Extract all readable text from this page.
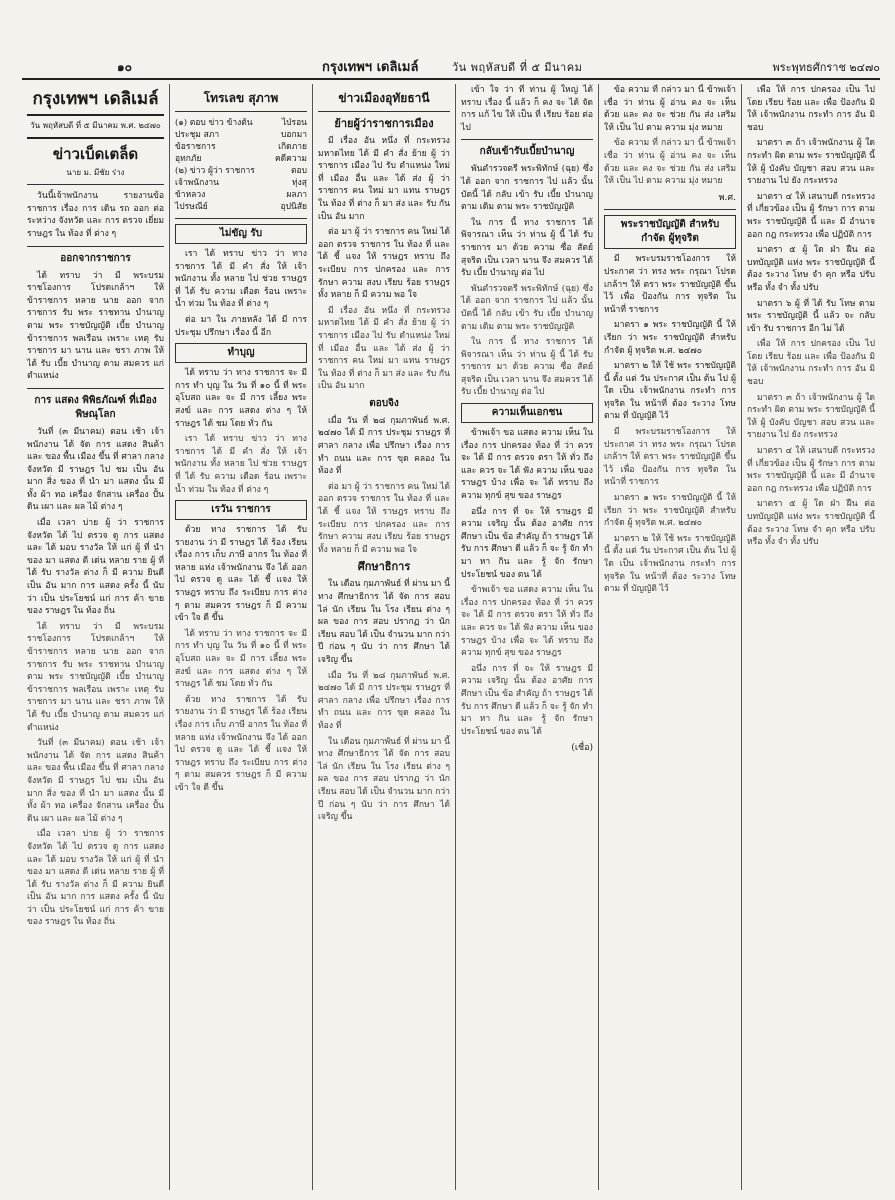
๑๐	กรุงเทพฯ เดลิเมล์	วัน พฤหัสบดี ที่ ๕ มีนาคม	พระพุทธศักราช ๒๔๗๐
กรุงเทพฯ เดลิเมล์
วัน พฤหัสบดี ที่ ๕ มีนาคม พ.ศ. ๒๔๗๐
ข่าวเบ็ดเตล็ด
นาย ม. มีชัย ร่าง

วันนี้เจ้าพนักงาน รายงานข้อราชการ เรื่อง การ เดิน รถ ออก ต่อ ระหว่าง จังหวัด และ การ ตรวจ เยี่ยม ราษฎร ใน ท้อง ที่ ต่าง ๆ

ออกจากราชการ

ได้ ทราบ ว่า มี พระบรมราชโองการ โปรดเกล้าฯ ให้ข้าราชการ หลาย นาย ออก จาก ราชการ รับ พระ ราชทาน บำนาญ ตาม พระ ราชบัญญัติ เบี้ย บำนาญ ข้าราชการ พลเรือน เพราะ เหตุ รับ ราชการ มา นาน และ ชรา ภาพ ให้ ได้ รับ เบี้ย บำนาญ ตาม สมควร แก่ ตำแหน่ง

การ แสดง พิพิธภัณฑ์ ที่เมืองพิษณุโลก

วันที่ (๓ มีนาคม) ตอน เช้า เจ้าพนักงาน ได้ จัด การ แสดง สินค้า และ ของ พื้น เมือง ขึ้น ที่ ศาลา กลาง จังหวัด มี ราษฎร ไป ชม เป็น อัน มาก สิ่ง ของ ที่ นำ มา แสดง นั้น มี ทั้ง ผ้า ทอ เครื่อง จักสาน เครื่อง ปั้น ดิน เผา และ ผล ไม้ ต่าง ๆ

เมื่อ เวลา บ่าย ผู้ ว่า ราชการ จังหวัด ได้ ไป ตรวจ ดู การ แสดง และ ได้ มอบ รางวัล ให้ แก่ ผู้ ที่ นำ ของ มา แสดง ดี เด่น หลาย ราย ผู้ ที่ ได้ รับ รางวัล ต่าง ก็ มี ความ ยินดี เป็น อัน มาก การ แสดง ครั้ง นี้ นับ ว่า เป็น ประโยชน์ แก่ การ ค้า ขาย ของ ราษฎร ใน ท้อง ถิ่น

ได้ ทราบ ว่า มี พระบรมราชโองการ โปรดเกล้าฯ ให้ข้าราชการ หลาย นาย ออก จาก ราชการ รับ พระ ราชทาน บำนาญ ตาม พระ ราชบัญญัติ เบี้ย บำนาญ ข้าราชการ พลเรือน เพราะ เหตุ รับ ราชการ มา นาน และ ชรา ภาพ ให้ ได้ รับ เบี้ย บำนาญ ตาม สมควร แก่ ตำแหน่ง

วันที่ (๓ มีนาคม) ตอน เช้า เจ้าพนักงาน ได้ จัด การ แสดง สินค้า และ ของ พื้น เมือง ขึ้น ที่ ศาลา กลาง จังหวัด มี ราษฎร ไป ชม เป็น อัน มาก สิ่ง ของ ที่ นำ มา แสดง นั้น มี ทั้ง ผ้า ทอ เครื่อง จักสาน เครื่อง ปั้น ดิน เผา และ ผล ไม้ ต่าง ๆ

เมื่อ เวลา บ่าย ผู้ ว่า ราชการ จังหวัด ได้ ไป ตรวจ ดู การ แสดง และ ได้ มอบ รางวัล ให้ แก่ ผู้ ที่ นำ ของ มา แสดง ดี เด่น หลาย ราย ผู้ ที่ ได้ รับ รางวัล ต่าง ก็ มี ความ ยินดี เป็น อัน มาก การ แสดง ครั้ง นี้ นับ ว่า เป็น ประโยชน์ แก่ การ ค้า ขาย ของ ราษฎร ใน ท้อง ถิ่น

โทรเลข สุภาพ
(๑) ตอบ ข่าว ข้างต้น	ไป่รอน
ประชุม สภา	บอกมา
ข้อราชการ	เกิดภาย
อุทกภัย	คดีความ
(๒) ข่าว ผู้ว่า ราชการ	ตอบ
เจ้าพนักงาน	ทุ่งสุ
ข้าหลวง	ผลภา
ไปรษณีย์	อุปนิสัย
ไม่ขัญ รับ

เรา ได้ ทราบ ข่าว ว่า ทาง ราชการ ได้ มี คำ สั่ง ให้ เจ้าพนักงาน ทั้ง หลาย ไป ช่วย ราษฎร ที่ ได้ รับ ความ เดือด ร้อน เพราะ น้ำ ท่วม ใน ท้อง ที่ ต่าง ๆ

ต่อ มา ใน ภายหลัง ได้ มี การ ประชุม ปรึกษา เรื่อง นี้ อีก

ทำบุญ

ได้ ทราบ ว่า ทาง ราชการ จะ มี การ ทำ บุญ ใน วัน ที่ ๑๐ นี้ ที่ พระ อุโบสถ และ จะ มี การ เลี้ยง พระ สงฆ์ และ การ แสดง ต่าง ๆ ให้ ราษฎร ได้ ชม โดย ทั่ว กัน

เรา ได้ ทราบ ข่าว ว่า ทาง ราชการ ได้ มี คำ สั่ง ให้ เจ้าพนักงาน ทั้ง หลาย ไป ช่วย ราษฎร ที่ ได้ รับ ความ เดือด ร้อน เพราะ น้ำ ท่วม ใน ท้อง ที่ ต่าง ๆ

เรวัน ราชการ

ด้วย ทาง ราชการ ได้ รับ รายงาน ว่า มี ราษฎร ได้ ร้อง เรียน เรื่อง การ เก็บ ภาษี อากร ใน ท้อง ที่ หลาย แห่ง เจ้าพนักงาน จึง ได้ ออก ไป ตรวจ ดู และ ได้ ชี้ แจง ให้ ราษฎร ทราบ ถึง ระเบียบ การ ต่าง ๆ ตาม สมควร ราษฎร ก็ มี ความ เข้า ใจ ดี ขึ้น

ได้ ทราบ ว่า ทาง ราชการ จะ มี การ ทำ บุญ ใน วัน ที่ ๑๐ นี้ ที่ พระ อุโบสถ และ จะ มี การ เลี้ยง พระ สงฆ์ และ การ แสดง ต่าง ๆ ให้ ราษฎร ได้ ชม โดย ทั่ว กัน

ด้วย ทาง ราชการ ได้ รับ รายงาน ว่า มี ราษฎร ได้ ร้อง เรียน เรื่อง การ เก็บ ภาษี อากร ใน ท้อง ที่ หลาย แห่ง เจ้าพนักงาน จึง ได้ ออก ไป ตรวจ ดู และ ได้ ชี้ แจง ให้ ราษฎร ทราบ ถึง ระเบียบ การ ต่าง ๆ ตาม สมควร ราษฎร ก็ มี ความ เข้า ใจ ดี ขึ้น

ข่าวเมืองอุทัยธานี
ย้ายผู้ว่าราชการเมือง

มี เรื่อง อัน หนึ่ง ที่ กระทรวง มหาดไทย ได้ มี คำ สั่ง ย้าย ผู้ ว่า ราชการ เมือง ไป รับ ตำแหน่ง ใหม่ ที่ เมือง อื่น และ ได้ ส่ง ผู้ ว่า ราชการ คน ใหม่ มา แทน ราษฎร ใน ท้อง ที่ ต่าง ก็ มา ส่ง และ รับ กัน เป็น อัน มาก

ต่อ มา ผู้ ว่า ราชการ คน ใหม่ ได้ ออก ตรวจ ราชการ ใน ท้อง ที่ และ ได้ ชี้ แจง ให้ ราษฎร ทราบ ถึง ระเบียบ การ ปกครอง และ การ รักษา ความ สงบ เรียบ ร้อย ราษฎร ทั้ง หลาย ก็ มี ความ พอ ใจ

มี เรื่อง อัน หนึ่ง ที่ กระทรวง มหาดไทย ได้ มี คำ สั่ง ย้าย ผู้ ว่า ราชการ เมือง ไป รับ ตำแหน่ง ใหม่ ที่ เมือง อื่น และ ได้ ส่ง ผู้ ว่า ราชการ คน ใหม่ มา แทน ราษฎร ใน ท้อง ที่ ต่าง ก็ มา ส่ง และ รับ กัน เป็น อัน มาก

ตอบจิง

เมื่อ วัน ที่ ๒๘ กุมภาพันธ์ พ.ศ. ๒๔๗๐ ได้ มี การ ประชุม ราษฎร ที่ ศาลา กลาง เพื่อ ปรึกษา เรื่อง การ ทำ ถนน และ การ ขุด คลอง ใน ท้อง ที่

ต่อ มา ผู้ ว่า ราชการ คน ใหม่ ได้ ออก ตรวจ ราชการ ใน ท้อง ที่ และ ได้ ชี้ แจง ให้ ราษฎร ทราบ ถึง ระเบียบ การ ปกครอง และ การ รักษา ความ สงบ เรียบ ร้อย ราษฎร ทั้ง หลาย ก็ มี ความ พอ ใจ

ศึกษาธิการ

ใน เดือน กุมภาพันธ์ ที่ ผ่าน มา นี้ ทาง ศึกษาธิการ ได้ จัด การ สอบ ไล่ นัก เรียน ใน โรง เรียน ต่าง ๆ ผล ของ การ สอบ ปรากฏ ว่า นัก เรียน สอบ ได้ เป็น จำนวน มาก กว่า ปี ก่อน ๆ นับ ว่า การ ศึกษา ได้ เจริญ ขึ้น

เมื่อ วัน ที่ ๒๘ กุมภาพันธ์ พ.ศ. ๒๔๗๐ ได้ มี การ ประชุม ราษฎร ที่ ศาลา กลาง เพื่อ ปรึกษา เรื่อง การ ทำ ถนน และ การ ขุด คลอง ใน ท้อง ที่

ใน เดือน กุมภาพันธ์ ที่ ผ่าน มา นี้ ทาง ศึกษาธิการ ได้ จัด การ สอบ ไล่ นัก เรียน ใน โรง เรียน ต่าง ๆ ผล ของ การ สอบ ปรากฏ ว่า นัก เรียน สอบ ได้ เป็น จำนวน มาก กว่า ปี ก่อน ๆ นับ ว่า การ ศึกษา ได้ เจริญ ขึ้น

เข้า ใจ ว่า ที่ ท่าน ผู้ ใหญ่ ได้ ทราบ เรื่อง นี้ แล้ว ก็ คง จะ ได้ จัด การ แก้ ไข ให้ เป็น ที่ เรียบ ร้อย ต่อ ไป

กลับเข้ารับเบี้ยบำนาญ

พันตำรวจตรี พระพิทักษ์ (ฉุย) ซึ่ง ได้ ออก จาก ราชการ ไป แล้ว นั้น บัดนี้ ได้ กลับ เข้า รับ เบี้ย บำนาญ ตาม เดิม ตาม พระ ราชบัญญัติ

ใน การ นี้ ทาง ราชการ ได้ พิจารณา เห็น ว่า ท่าน ผู้ นี้ ได้ รับ ราชการ มา ด้วย ความ ซื่อ สัตย์ สุจริต เป็น เวลา นาน จึง สมควร ได้ รับ เบี้ย บำนาญ ต่อ ไป

พันตำรวจตรี พระพิทักษ์ (ฉุย) ซึ่ง ได้ ออก จาก ราชการ ไป แล้ว นั้น บัดนี้ ได้ กลับ เข้า รับ เบี้ย บำนาญ ตาม เดิม ตาม พระ ราชบัญญัติ

ใน การ นี้ ทาง ราชการ ได้ พิจารณา เห็น ว่า ท่าน ผู้ นี้ ได้ รับ ราชการ มา ด้วย ความ ซื่อ สัตย์ สุจริต เป็น เวลา นาน จึง สมควร ได้ รับ เบี้ย บำนาญ ต่อ ไป

ความเห็นเอกชน

ข้าพเจ้า ขอ แสดง ความ เห็น ใน เรื่อง การ ปกครอง ท้อง ที่ ว่า ควร จะ ได้ มี การ ตรวจ ตรา ให้ ทั่ว ถึง และ ควร จะ ได้ ฟัง ความ เห็น ของ ราษฎร บ้าง เพื่อ จะ ได้ ทราบ ถึง ความ ทุกข์ สุข ของ ราษฎร

อนึ่ง การ ที่ จะ ให้ ราษฎร มี ความ เจริญ นั้น ต้อง อาศัย การ ศึกษา เป็น ข้อ สำคัญ ถ้า ราษฎร ได้ รับ การ ศึกษา ดี แล้ว ก็ จะ รู้ จัก ทำ มา หา กิน และ รู้ จัก รักษา ประโยชน์ ของ ตน ได้

ข้าพเจ้า ขอ แสดง ความ เห็น ใน เรื่อง การ ปกครอง ท้อง ที่ ว่า ควร จะ ได้ มี การ ตรวจ ตรา ให้ ทั่ว ถึง และ ควร จะ ได้ ฟัง ความ เห็น ของ ราษฎร บ้าง เพื่อ จะ ได้ ทราบ ถึง ความ ทุกข์ สุข ของ ราษฎร

อนึ่ง การ ที่ จะ ให้ ราษฎร มี ความ เจริญ นั้น ต้อง อาศัย การ ศึกษา เป็น ข้อ สำคัญ ถ้า ราษฎร ได้ รับ การ ศึกษา ดี แล้ว ก็ จะ รู้ จัก ทำ มา หา กิน และ รู้ จัก รักษา ประโยชน์ ของ ตน ได้

(เชื่อ)

ข้อ ความ ที่ กล่าว มา นี้ ข้าพเจ้า เชื่อ ว่า ท่าน ผู้ อ่าน คง จะ เห็น ด้วย และ คง จะ ช่วย กัน ส่ง เสริม ให้ เป็น ไป ตาม ความ มุ่ง หมาย

ข้อ ความ ที่ กล่าว มา นี้ ข้าพเจ้า เชื่อ ว่า ท่าน ผู้ อ่าน คง จะ เห็น ด้วย และ คง จะ ช่วย กัน ส่ง เสริม ให้ เป็น ไป ตาม ความ มุ่ง หมาย

พ.ศ.
พระราชบัญญัติ สำหรับ กำจัด ผู้ทุจริต

มี พระบรมราชโองการ ให้ ประกาศ ว่า ทรง พระ กรุณา โปรดเกล้าฯ ให้ ตรา พระ ราชบัญญัติ ขึ้น ไว้ เพื่อ ป้องกัน การ ทุจริต ใน หน้าที่ ราชการ

มาตรา ๑ พระ ราชบัญญัติ นี้ ให้ เรียก ว่า พระ ราชบัญญัติ สำหรับ กำจัด ผู้ ทุจริต พ.ศ. ๒๔๗๐

มาตรา ๒ ให้ ใช้ พระ ราชบัญญัติ นี้ ตั้ง แต่ วัน ประกาศ เป็น ต้น ไป ผู้ ใด เป็น เจ้าพนักงาน กระทำ การ ทุจริต ใน หน้าที่ ต้อง ระวาง โทษ ตาม ที่ บัญญัติ ไว้

มี พระบรมราชโองการ ให้ ประกาศ ว่า ทรง พระ กรุณา โปรดเกล้าฯ ให้ ตรา พระ ราชบัญญัติ ขึ้น ไว้ เพื่อ ป้องกัน การ ทุจริต ใน หน้าที่ ราชการ

มาตรา ๑ พระ ราชบัญญัติ นี้ ให้ เรียก ว่า พระ ราชบัญญัติ สำหรับ กำจัด ผู้ ทุจริต พ.ศ. ๒๔๗๐

มาตรา ๒ ให้ ใช้ พระ ราชบัญญัติ นี้ ตั้ง แต่ วัน ประกาศ เป็น ต้น ไป ผู้ ใด เป็น เจ้าพนักงาน กระทำ การ ทุจริต ใน หน้าที่ ต้อง ระวาง โทษ ตาม ที่ บัญญัติ ไว้

เพื่อ ให้ การ ปกครอง เป็น ไป โดย เรียบ ร้อย และ เพื่อ ป้องกัน มิ ให้ เจ้าพนักงาน กระทำ การ อัน มิ ชอบ

มาตรา ๓ ถ้า เจ้าพนักงาน ผู้ ใด กระทำ ผิด ตาม พระ ราชบัญญัติ นี้ ให้ ผู้ บังคับ บัญชา สอบ สวน และ รายงาน ไป ยัง กระทรวง

มาตรา ๔ ให้ เสนาบดี กระทรวง ที่ เกี่ยวข้อง เป็น ผู้ รักษา การ ตาม พระ ราชบัญญัติ นี้ และ มี อำนาจ ออก กฎ กระทรวง เพื่อ ปฏิบัติ การ

มาตรา ๕ ผู้ ใด ฝ่า ฝืน ต่อ บทบัญญัติ แห่ง พระ ราชบัญญัติ นี้ ต้อง ระวาง โทษ จำ คุก หรือ ปรับ หรือ ทั้ง จำ ทั้ง ปรับ

มาตรา ๖ ผู้ ที่ ได้ รับ โทษ ตาม พระ ราชบัญญัติ นี้ แล้ว จะ กลับ เข้า รับ ราชการ อีก ไม่ ได้

เพื่อ ให้ การ ปกครอง เป็น ไป โดย เรียบ ร้อย และ เพื่อ ป้องกัน มิ ให้ เจ้าพนักงาน กระทำ การ อัน มิ ชอบ

มาตรา ๓ ถ้า เจ้าพนักงาน ผู้ ใด กระทำ ผิด ตาม พระ ราชบัญญัติ นี้ ให้ ผู้ บังคับ บัญชา สอบ สวน และ รายงาน ไป ยัง กระทรวง

มาตรา ๔ ให้ เสนาบดี กระทรวง ที่ เกี่ยวข้อง เป็น ผู้ รักษา การ ตาม พระ ราชบัญญัติ นี้ และ มี อำนาจ ออก กฎ กระทรวง เพื่อ ปฏิบัติ การ

มาตรา ๕ ผู้ ใด ฝ่า ฝืน ต่อ บทบัญญัติ แห่ง พระ ราชบัญญัติ นี้ ต้อง ระวาง โทษ จำ คุก หรือ ปรับ หรือ ทั้ง จำ ทั้ง ปรับ
